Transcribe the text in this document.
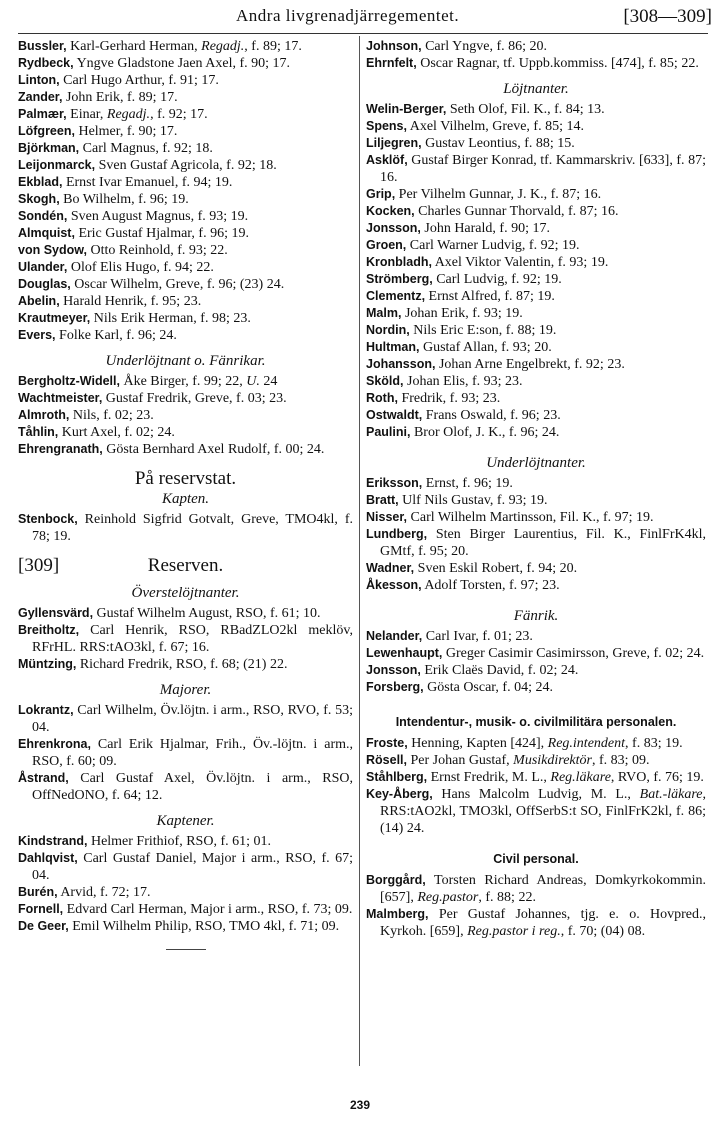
Andra livgrenadjärregementet.	[308—309]

Bussler, Karl-Gerhard Herman, Regadj., f. 89; 17.

Rydbeck, Yngve Gladstone Jaen Axel, f. 90; 17.

Linton, Carl Hugo Arthur, f. 91; 17.

Zander, John Erik, f. 89; 17.

Palmær, Einar, Regadj., f. 92; 17.

Löfgreen, Helmer, f. 90; 17.

Björkman, Carl Magnus, f. 92; 18.

Leijonmarck, Sven Gustaf Agricola, f. 92; 18.

Ekblad, Ernst Ivar Emanuel, f. 94; 19.

Skogh, Bo Wilhelm, f. 96; 19.

Sondén, Sven August Magnus, f. 93; 19.

Almquist, Eric Gustaf Hjalmar, f. 96; 19.

von Sydow, Otto Reinhold, f. 93; 22.

Ulander, Olof Elis Hugo, f. 94; 22.

Douglas, Oscar Wilhelm, Greve, f. 96; (23) 24.

Abelin, Harald Henrik, f. 95; 23.

Krautmeyer, Nils Erik Herman, f. 98; 23.

Evers, Folke Karl, f. 96; 24.

Underlöjtnant o. Fänrikar.

Bergholtz-Widell, Åke Birger, f. 99; 22, U. 24

Wachtmeister, Gustaf Fredrik, Greve, f. 03; 23.

Almroth, Nils, f. 02; 23.

Tåhlin, Kurt Axel, f. 02; 24.

Ehrengranath, Gösta Bernhard Axel Rudolf, f. 00; 24.

På reservstat.
Kapten.

Stenbock, Reinhold Sigfrid Gotvalt, Greve, TMO4kl, f. 78; 19.

[309]	Reserven.
Överstelöjtnanter.

Gyllensvärd, Gustaf Wilhelm August, RSO, f. 61; 10.

Breitholtz, Carl Henrik, RSO, RBadZLO2kl meklöv, RFrHL. RRS:tAO3kl, f. 67; 16.

Müntzing, Richard Fredrik, RSO, f. 68; (21) 22.

Majorer.

Lokrantz, Carl Wilhelm, Öv.löjtn. i arm., RSO, RVO, f. 53; 04.

Ehrenkrona, Carl Erik Hjalmar, Frih., Öv.-löjtn. i arm., RSO, f. 60; 09.

Åstrand, Carl Gustaf Axel, Öv.löjtn. i arm., RSO, OffNedONO, f. 64; 12.

Kaptener.

Kindstrand, Helmer Frithiof, RSO, f. 61; 01.

Dahlqvist, Carl Gustaf Daniel, Major i arm., RSO, f. 67; 04.

Burén, Arvid, f. 72; 17.

Fornell, Edvard Carl Herman, Major i arm., RSO, f. 73; 09.

De Geer, Emil Wilhelm Philip, RSO, TMO 4kl, f. 71; 09.

Johnson, Carl Yngve, f. 86; 20.

Ehrnfelt, Oscar Ragnar, tf. Uppb.kommiss. [474], f. 85; 22.

Löjtnanter.

Welin-Berger, Seth Olof, Fil. K., f. 84; 13.

Spens, Axel Vilhelm, Greve, f. 85; 14.

Liljegren, Gustav Leontius, f. 88; 15.

Asklöf, Gustaf Birger Konrad, tf. Kammarskriv. [633], f. 87; 16.

Grip, Per Vilhelm Gunnar, J. K., f. 87; 16.

Kocken, Charles Gunnar Thorvald, f. 87; 16.

Jonsson, John Harald, f. 90; 17.

Groen, Carl Warner Ludvig, f. 92; 19.

Kronbladh, Axel Viktor Valentin, f. 93; 19.

Strömberg, Carl Ludvig, f. 92; 19.

Clementz, Ernst Alfred, f. 87; 19.

Malm, Johan Erik, f. 93; 19.

Nordin, Nils Eric E:son, f. 88; 19.

Hultman, Gustaf Allan, f. 93; 20.

Johansson, Johan Arne Engelbrekt, f. 92; 23.

Sköld, Johan Elis, f. 93; 23.

Roth, Fredrik, f. 93; 23.

Ostwaldt, Frans Oswald, f. 96; 23.

Paulini, Bror Olof, J. K., f. 96; 24.

Underlöjtnanter.

Eriksson, Ernst, f. 96; 19.

Bratt, Ulf Nils Gustav, f. 93; 19.

Nisser, Carl Wilhelm Martinsson, Fil. K., f. 97; 19.

Lundberg, Sten Birger Laurentius, Fil. K., FinlFrK4kl, GMtf, f. 95; 20.

Wadner, Sven Eskil Robert, f. 94; 20.

Åkesson, Adolf Torsten, f. 97; 23.

Fänrik.

Nelander, Carl Ivar, f. 01; 23.

Lewenhaupt, Greger Casimir Casimirsson, Greve, f. 02; 24.

Jonsson, Erik Claës David, f. 02; 24.

Forsberg, Gösta Oscar, f. 04; 24.

Intendentur-, musik- o. civilmilitära personalen.

Froste, Henning, Kapten [424], Reg.intendent, f. 83; 19.

Rösell, Per Johan Gustaf, Musikdirektör, f. 83; 09.

Ståhlberg, Ernst Fredrik, M. L., Reg.läkare, RVO, f. 76; 19.

Key-Åberg, Hans Malcolm Ludvig, M. L., Bat.-läkare, RRS:tAO2kl, TMO3kl, OffSerbS:t SO, FinlFrK2kl, f. 86; (14) 24.

Civil personal.

Borggård, Torsten Richard Andreas, Domkyrkokommin. [657], Reg.pastor, f. 88; 22.

Malmberg, Per Gustaf Johannes, tjg. e. o. Hovpred., Kyrkoh. [659], Reg.pastor i reg., f. 70; (04) 08.

239
